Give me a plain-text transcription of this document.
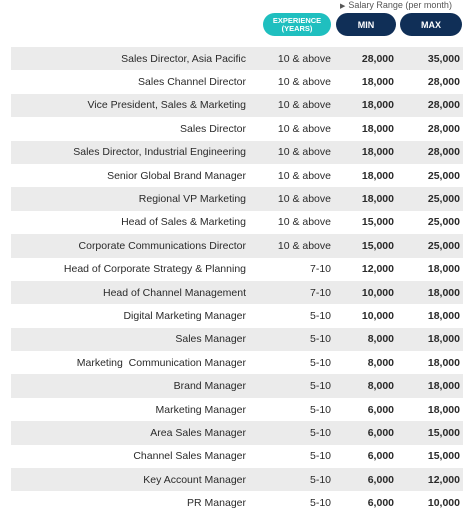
▶ Salary Range (per month)
EXPERIENCE
(YEARS)	MIN	MAX
Sales Director, Asia Pacific	10 & above	28,000	35,000
Sales Channel Director	10 & above	18,000	28,000
Vice President, Sales & Marketing	10 & above	18,000	28,000
Sales Director	10 & above	18,000	28,000
Sales Director, Industrial Engineering	10 & above	18,000	28,000
Senior Global Brand Manager	10 & above	18,000	25,000
Regional VP Marketing	10 & above	18,000	25,000
Head of Sales & Marketing	10 & above	15,000	25,000
Corporate Communications Director	10 & above	15,000	25,000
Head of Corporate Strategy & Planning	7-10	12,000	18,000
Head of Channel Management	7-10	10,000	18,000
Digital Marketing Manager	5-10	10,000	18,000
Sales Manager	5-10	8,000	18,000
Marketing  Communication Manager	5-10	8,000	18,000
Brand Manager	5-10	8,000	18,000
Marketing Manager	5-10	6,000	18,000
Area Sales Manager	5-10	6,000	15,000
Channel Sales Manager	5-10	6,000	15,000
Key Account Manager	5-10	6,000	12,000
PR Manager	5-10	6,000	10,000
